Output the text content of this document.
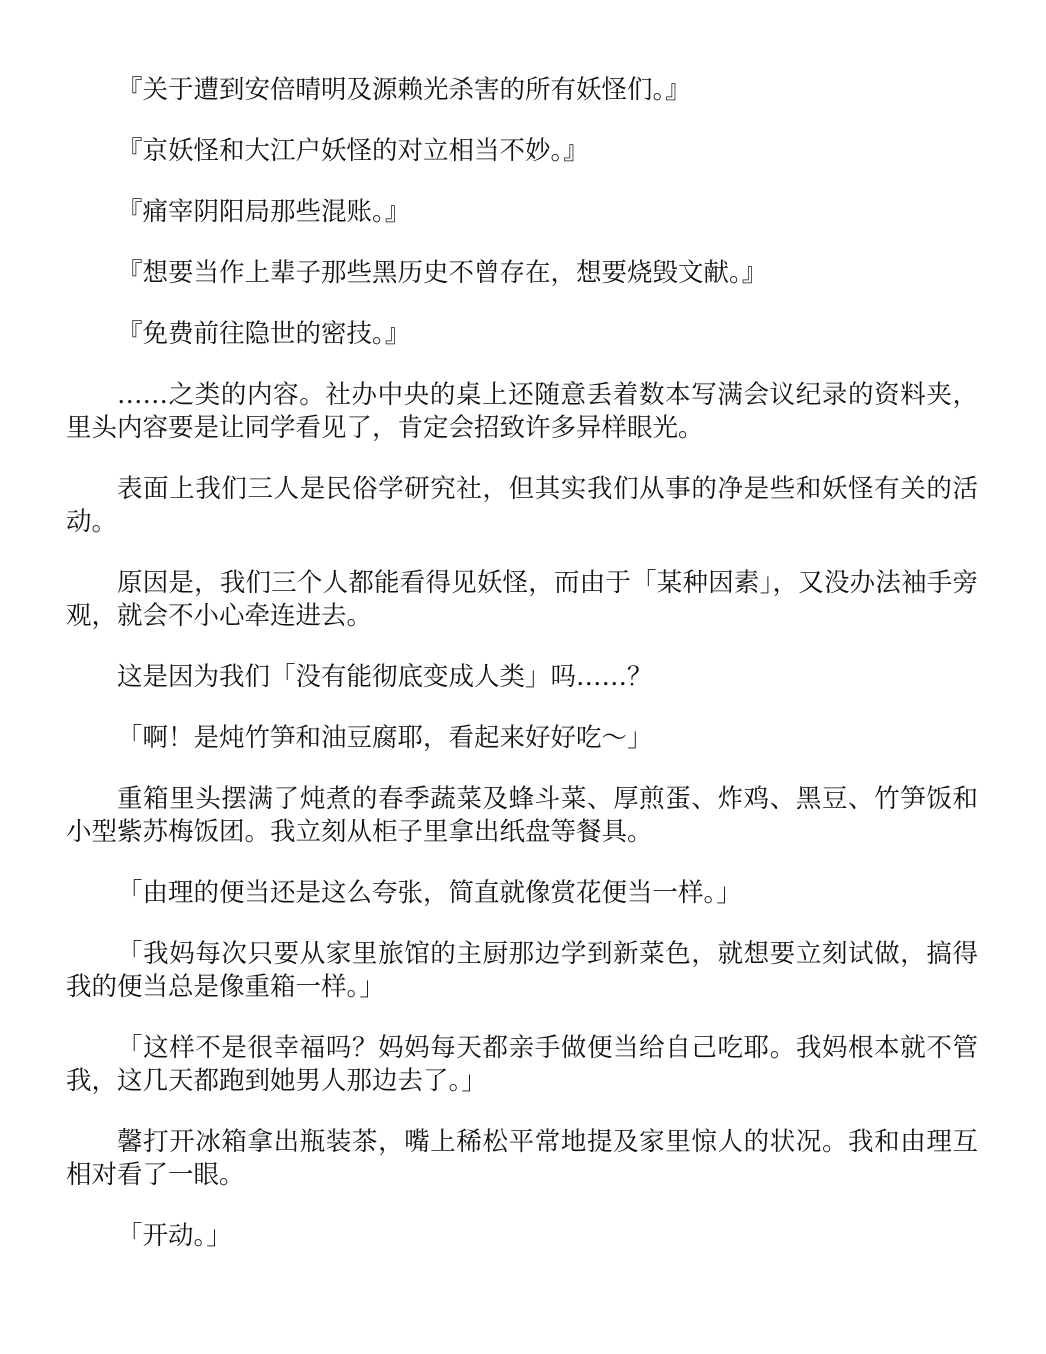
『关于遭到安倍晴明及源赖光杀害的所有妖怪们。』

『京妖怪和大江户妖怪的对立相当不妙。』

『痛宰阴阳局那些混账。』

『想要当作上辈子那些黑历史不曾存在，想要烧毁文献。』

『免费前往隐世的密技。』

……之类的内容。社办中央的桌上还随意丢着数本写满会议纪录的资料夹，里头内容要是让同学看见了，肯定会招致许多异样眼光。

表面上我们三人是民俗学研究社，但其实我们从事的净是些和妖怪有关的活动。

原因是，我们三个人都能看得见妖怪，而由于「某种因素」，又没办法袖手旁观，就会不小心牵连进去。

这是因为我们「没有能彻底变成人类」吗……？

「啊！是炖竹笋和油豆腐耶，看起来好好吃～」

重箱里头摆满了炖煮的春季蔬菜及蜂斗菜、厚煎蛋、炸鸡、黑豆、竹笋饭和小型紫苏梅饭团。我立刻从柜子里拿出纸盘等餐具。

「由理的便当还是这么夸张，简直就像赏花便当一样。」

「我妈每次只要从家里旅馆的主厨那边学到新菜色，就想要立刻试做，搞得我的便当总是像重箱一样。」

「这样不是很幸福吗？妈妈每天都亲手做便当给自己吃耶。我妈根本就不管我，这几天都跑到她男人那边去了。」

馨打开冰箱拿出瓶装茶，嘴上稀松平常地提及家里惊人的状况。我和由理互相对看了一眼。

「开动。」
